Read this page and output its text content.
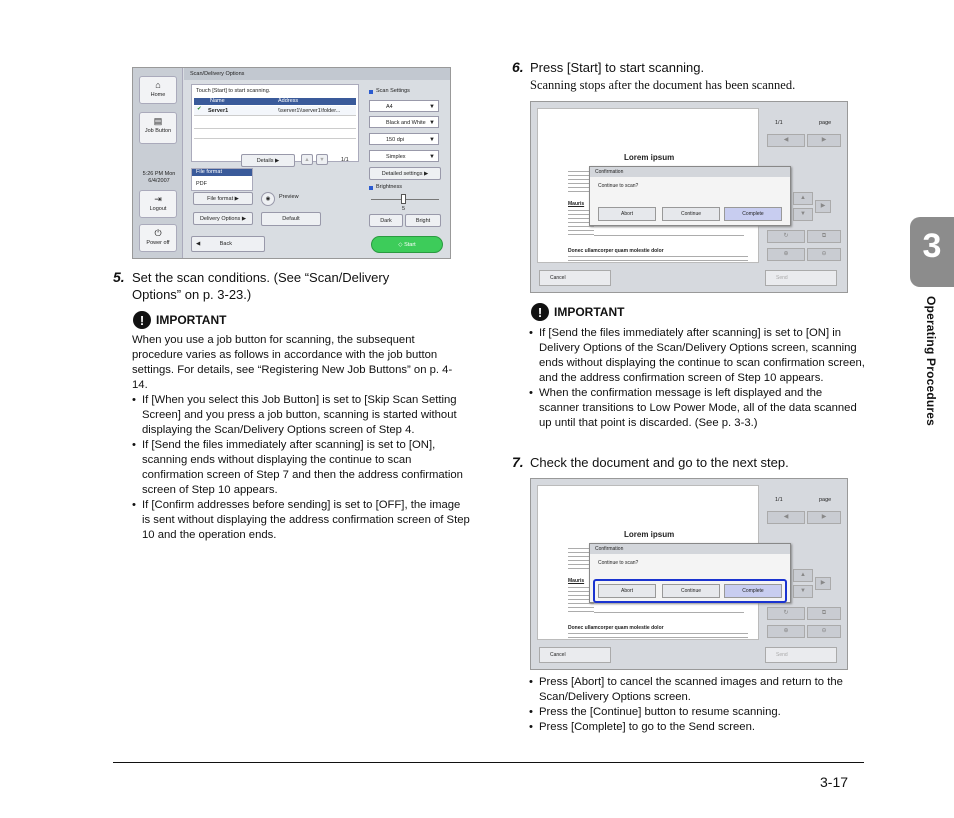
⌂
Home
▤
Job Button
5:26 PM Mon
6/4/2007
⇥
Logout
⏻
Power off
Scan/Delivery Options
Touch [Start] to start scanning.
Name	Address
✔ Server1	\\server1\\server1\folder...
Details ▶	▲	▼	1/1
File format
PDF
File format ▶
Delivery Options ▶
◉	Preview
Default
Scan Settings
A4 ▼
Black and White ▼
150 dpi ▼
Simplex ▼
Detailed settings ▶
Brightness
5
Dark	Bright
◀	Back	◇ Start
5. Set the scan conditions. (See “Scan/Delivery Options” on p. 3-23.)
! IMPORTANT
When you use a job button for scanning, the subsequent procedure varies as follows in accordance with the job button settings. For details, see “Registering New Job Buttons” on p. 4-14.
• If [When you select this Job Button] is set to [Skip Scan Setting Screen] and you press a job button, scanning is started without displaying the Scan/Delivery Options screen of Step 4.
• If [Send the files immediately after scanning] is set to [ON], scanning ends without displaying the continue to scan confirmation screen of Step 7 and then the address confirmation screen of Step 10 appears.
• If [Confirm addresses before sending] is set to [OFF], the image is sent without displaying the address confirmation screen of Step 10 and the operation ends.
6. Press [Start] to start scanning.
Scanning stops after the document has been scanned.
Lorem ipsum
Mauris
Donec ullamcorper quam molestie dolor
1/1	page
◀	▶
▲
▼
▶
↻	⧉
⊕	⊖
Cancel	Send
Confirmation
Continue to scan?
Abort	Continue	Complete
! IMPORTANT
• If [Send the files immediately after scanning] is set to [ON] in Delivery Options of the Scan/Delivery Options screen, scanning ends without displaying the continue to scan confirmation screen, and the address confirmation screen of Step 10 appears.
• When the confirmation message is left displayed and the scanner transitions to Low Power Mode, all of the data scanned up until that point is discarded. (See p. 3-3.)
7. Check the document and go to the next step.
Lorem ipsum
Mauris
Donec ullamcorper quam molestie dolor
1/1	page
◀	▶
▲
▼
▶
↻	⧉
⊕	⊖
Cancel	Send
Confirmation
Continue to scan?
Abort	Continue	Complete
• Press [Abort] to cancel the scanned images and return to the Scan/Delivery Options screen.
• Press the [Continue] button to resume scanning.
• Press [Complete] to go to the Send screen.
3
Operating Procedures
3-17
